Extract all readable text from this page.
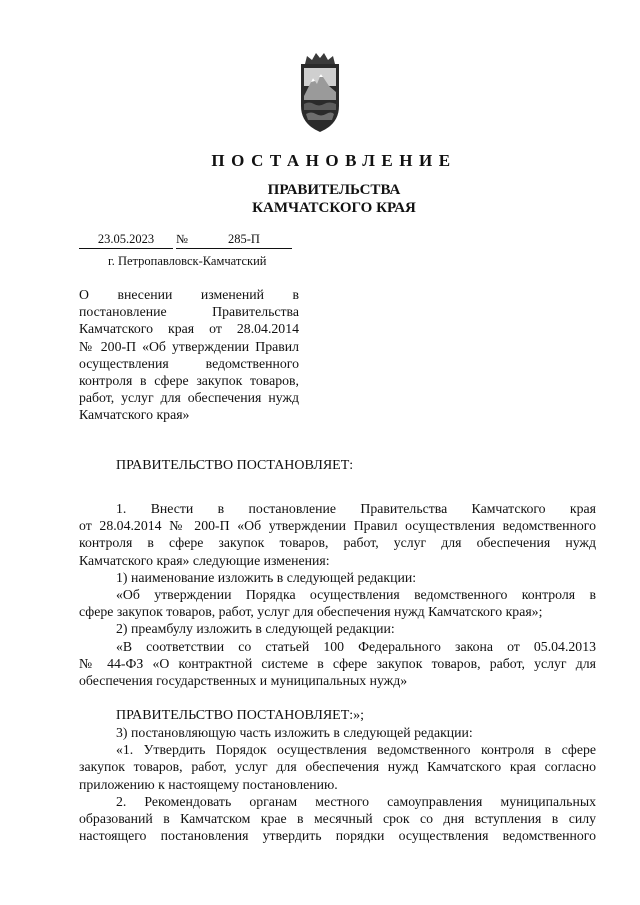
ПОСТАНОВЛЕНИЕ
ПРАВИТЕЛЬСТВА
КАМЧАТСКОГО КРАЯ
23.05.2023	№	285-П
г. Петропавловск-Камчатский
О внесении изменений в
постановление Правительства
Камчатского края от 28.04.2014
№ 200-П «Об утверждении Правил
осуществления ведомственного
контроля в сфере закупок товаров,
работ, услуг для обеспечения нужд
Камчатского края»
ПРАВИТЕЛЬСТВО ПОСТАНОВЛЯЕТ:
1. Внести в постановление Правительства Камчатского края
от 28.04.2014 № 200-П «Об утверждении Правил осуществления ведомственного
контроля в сфере закупок товаров, работ, услуг для обеспечения нужд
Камчатского края» следующие изменения:
1) наименование изложить в следующей редакции:
«Об утверждении Порядка осуществления ведомственного контроля в
сфере закупок товаров, работ, услуг для обеспечения нужд Камчатского края»;
2) преамбулу изложить в следующей редакции:
«В соответствии со статьей 100 Федерального закона от 05.04.2013
№ 44-ФЗ «О контрактной системе в сфере закупок товаров, работ, услуг для
обеспечения государственных и муниципальных нужд»
ПРАВИТЕЛЬСТВО ПОСТАНОВЛЯЕТ:»;
3) постановляющую часть изложить в следующей редакции:
«1. Утвердить Порядок осуществления ведомственного контроля в сфере
закупок товаров, работ, услуг для обеспечения нужд Камчатского края согласно
приложению к настоящему постановлению.
2. Рекомендовать органам местного самоуправления муниципальных
образований в Камчатском крае в месячный срок со дня вступления в силу
настоящего постановления утвердить порядки осуществления ведомственного
